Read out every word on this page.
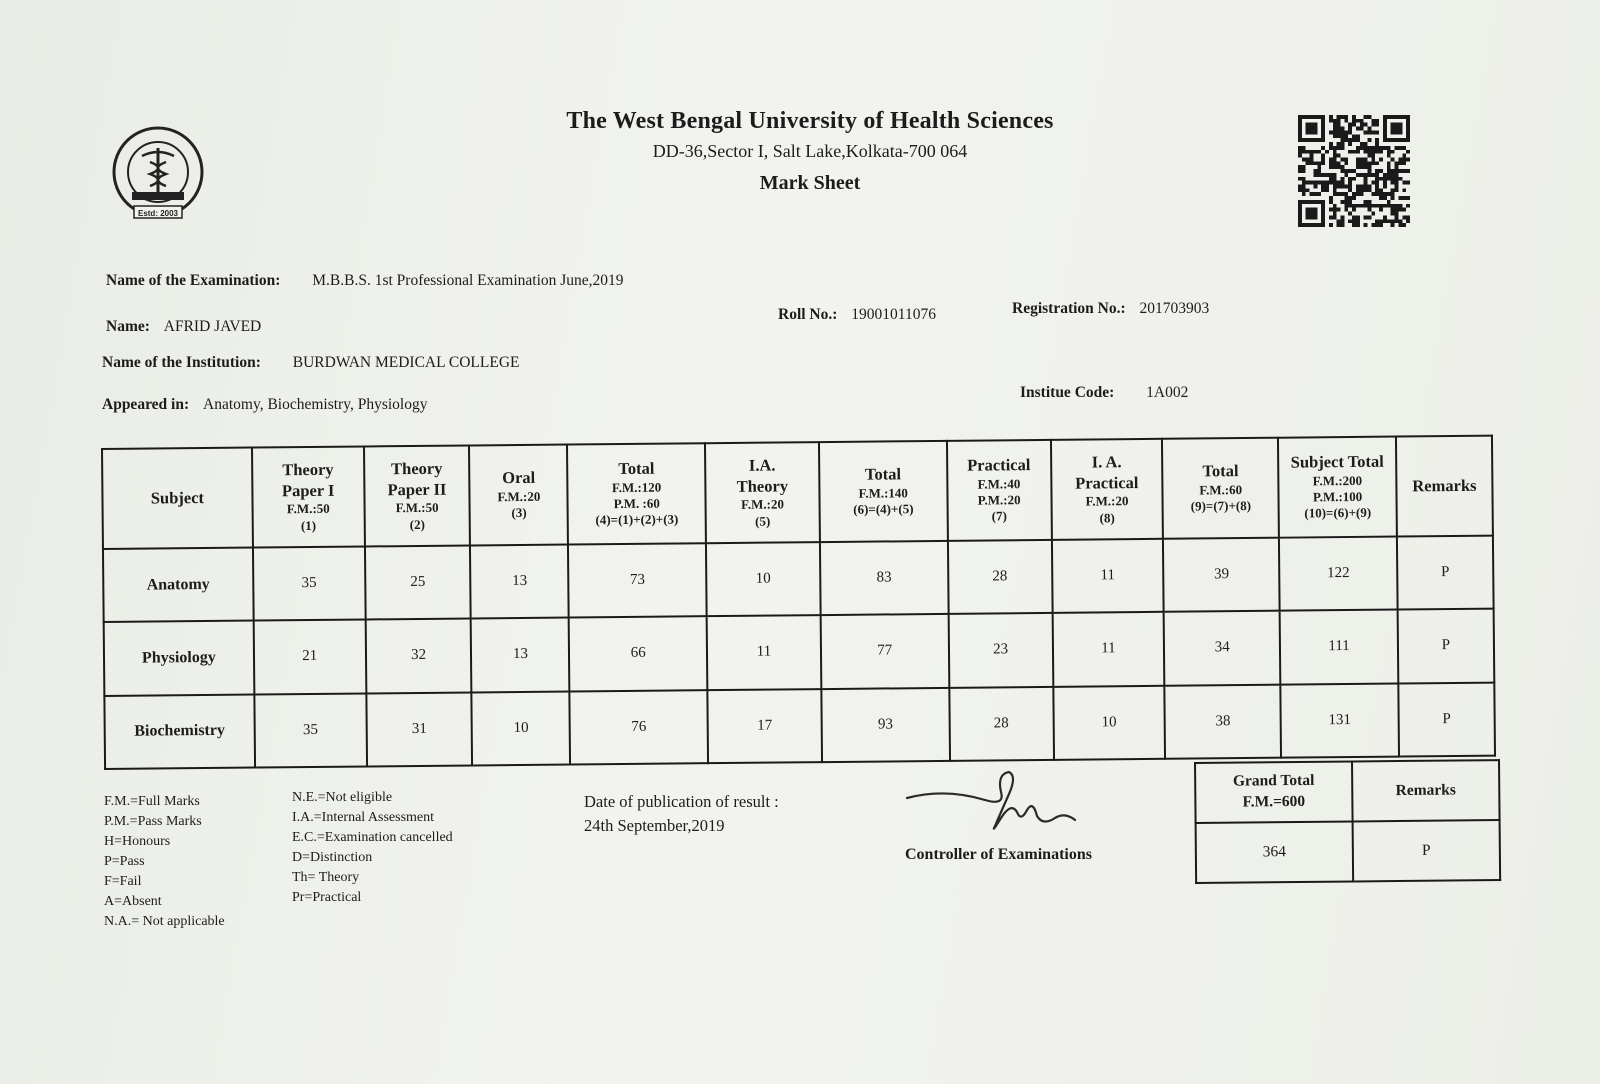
Estd: 2003
The West Bengal University of Health Sciences
DD-36,Sector I, Salt Lake,Kolkata-700 064
Mark Sheet
Name of the Examination: M.B.B.S. 1st Professional Examination June,2019
Name: AFRID JAVED
Roll No.: 19001011076	Registration No.: 201703903
Name of the Institution: BURDWAN MEDICAL COLLEGE
Institue Code: 1A002
Appeared in: Anatomy, Biochemistry, Physiology
Subject	Theory
Paper I
F.M.:50
(1)	Theory
Paper II
F.M.:50
(2)	Oral
F.M.:20
(3)	Total
F.M.:120
P.M. :60
(4)=(1)+(2)+(3)	I.A.
Theory
F.M.:20
(5)	Total
F.M.:140
(6)=(4)+(5)	Practical
F.M.:40
P.M.:20
(7)	I. A.
Practical
F.M.:20
(8)	Total
F.M.:60
(9)=(7)+(8)	Subject Total
F.M.:200
P.M.:100
(10)=(6)+(9)	Remarks

Anatomy	35	25	13	73	10	83	28	11	39	122	P
Physiology	21	32	13	66	11	77	23	11	34	111	P
Biochemistry	35	31	10	76	17	93	28	10	38	131	P
F.M.=Full Marks
P.M.=Pass Marks
H=Honours
P=Pass
F=Fail
A=Absent
N.A.= Not applicable
N.E.=Not eligible
I.A.=Internal Assessment
E.C.=Examination cancelled
D=Distinction
Th= Theory
Pr=Practical
Date of publication of result :
24th September,2019
Controller of Examinations
Grand Total
F.M.=600	Remarks
364	P
